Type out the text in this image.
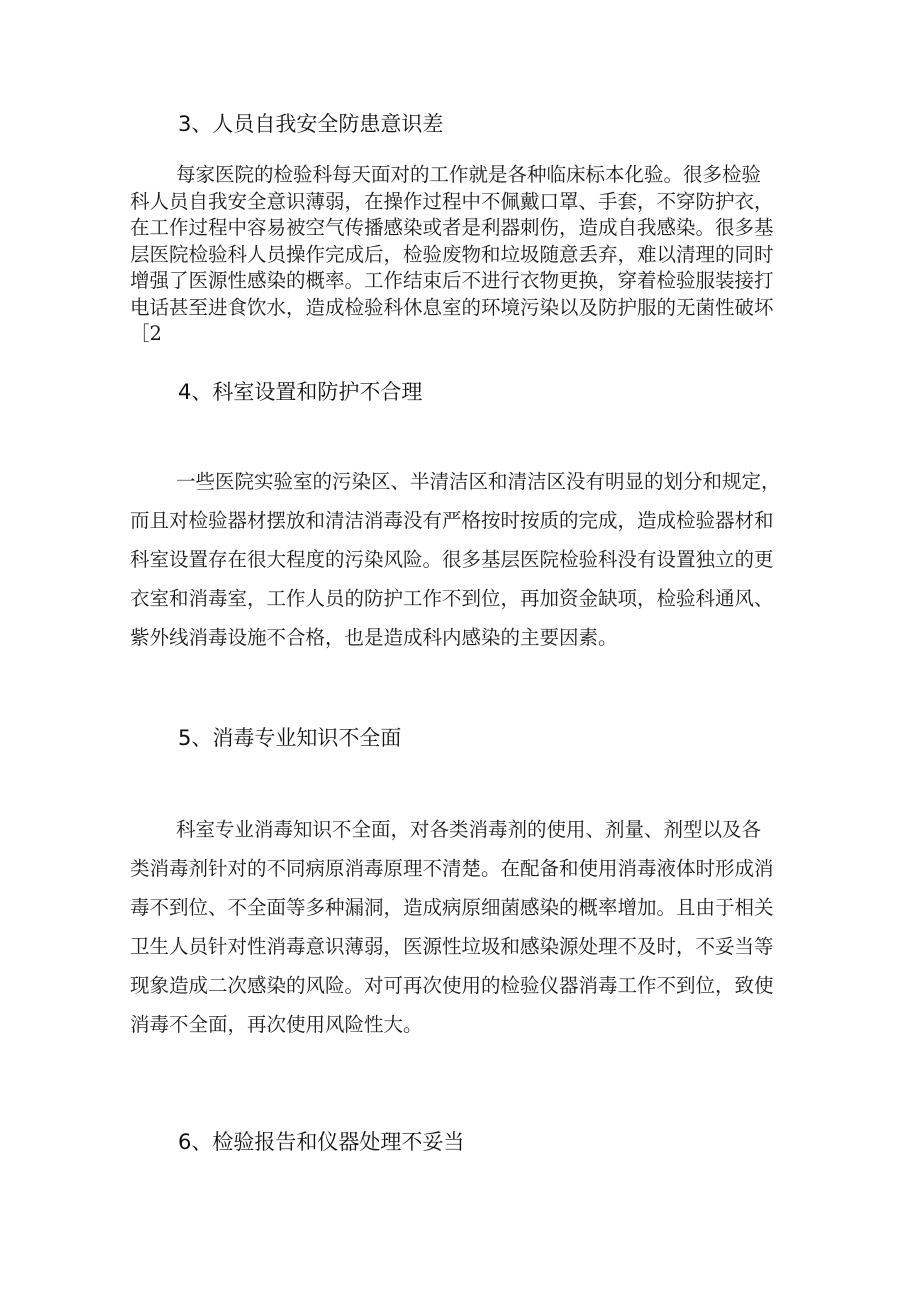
3、人员自我安全防患意识差
每家医院的检验科每天面对的工作就是各种临床标本化验。很多检验
科人员自我安全意识薄弱，在操作过程中不佩戴口罩、手套，不穿防护衣，
在工作过程中容易被空气传播感染或者是利器刺伤，造成自我感染。很多基
层医院检验科人员操作完成后，检验废物和垃圾随意丢弃，难以清理的同时
增强了医源性感染的概率。工作结束后不进行衣物更换，穿着检验服装接打
电话甚至进食饮水，造成检验科休息室的环境污染以及防护服的无菌性破坏
［2
4、科室设置和防护不合理
一些医院实验室的污染区、半清洁区和清洁区没有明显的划分和规定，
而且对检验器材摆放和清洁消毒没有严格按时按质的完成，造成检验器材和
科室设置存在很大程度的污染风险。很多基层医院检验科没有设置独立的更
衣室和消毒室，工作人员的防护工作不到位，再加资金缺项，检验科通风、
紫外线消毒设施不合格，也是造成科内感染的主要因素。
5、消毒专业知识不全面
科室专业消毒知识不全面，对各类消毒剂的使用、剂量、剂型以及各
类消毒剂针对的不同病原消毒原理不清楚。在配备和使用消毒液体时形成消
毒不到位、不全面等多种漏洞，造成病原细菌感染的概率增加。且由于相关
卫生人员针对性消毒意识薄弱，医源性垃圾和感染源处理不及时，不妥当等
现象造成二次感染的风险。对可再次使用的检验仪器消毒工作不到位，致使
消毒不全面，再次使用风险性大。
6、检验报告和仪器处理不妥当
